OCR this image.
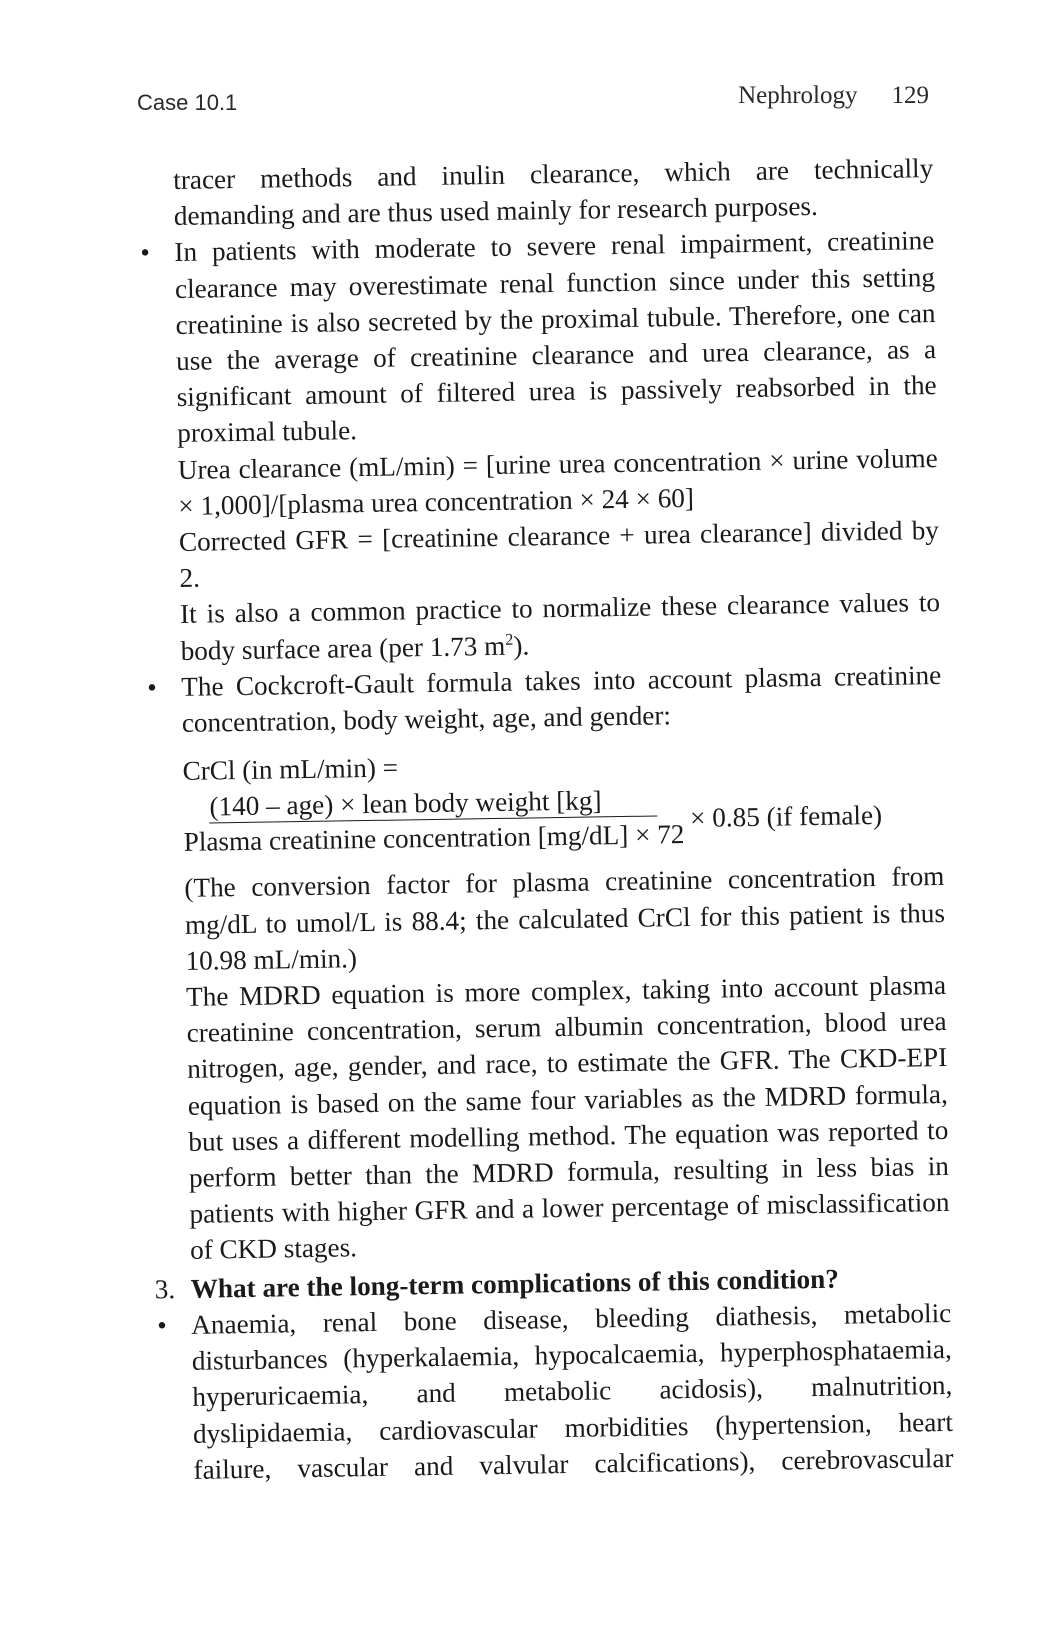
Case 10.1	Nephrology 129

tracer methods and inulin clearance, which are technically demanding and are thus used mainly for research purposes.

• In patients with moderate to severe renal impairment, creatinine clearance may overestimate renal function since under this setting creatinine is also secreted by the proximal tubule. Therefore, one can use the average of creatinine clearance and urea clearance, as a significant amount of filtered urea is passively reabsorbed in the proximal tubule.

Urea clearance (mL/min) = [urine urea concentration × urine volume × 1,000]/[plasma urea concentration × 24 × 60]

Corrected GFR = [creatinine clearance + urea clearance] divided by 2.

It is also a common practice to normalize these clearance values to body surface area (per 1.73 $m^2$).

• The Cockcroft-Gault formula takes into account plasma creatinine concentration, body weight, age, and gender:

CrCl (in mL/min) =
$\frac{\text{(140 – age) × lean body weight [kg]}}{\text{Plasma creatinine concentration [mg/dL] × 72}} \times 0.85$ (if female)

(The conversion factor for plasma creatinine concentration from mg/dL to umol/L is 88.4; the calculated CrCl for this patient is thus 10.98 mL/min.)

The MDRD equation is more complex, taking into account plasma creatinine concentration, serum albumin concentration, blood urea nitrogen, age, gender, and race, to estimate the GFR. The CKD-EPI equation is based on the same four variables as the MDRD formula, but uses a different modelling method. The equation was reported to perform better than the MDRD formula, resulting in less bias in patients with higher GFR and a lower percentage of misclassification of CKD stages.

3. What are the long-term complications of this condition?

• Anaemia, renal bone disease, bleeding diathesis, metabolic disturbances (hyperkalaemia, hypocalcaemia, hyperphosphataemia, hyperuricaemia, and metabolic acidosis), malnutrition, dyslipidaemia, cardiovascular morbidities (hypertension, heart failure, vascular and valvular calcifications), cerebrovascular
